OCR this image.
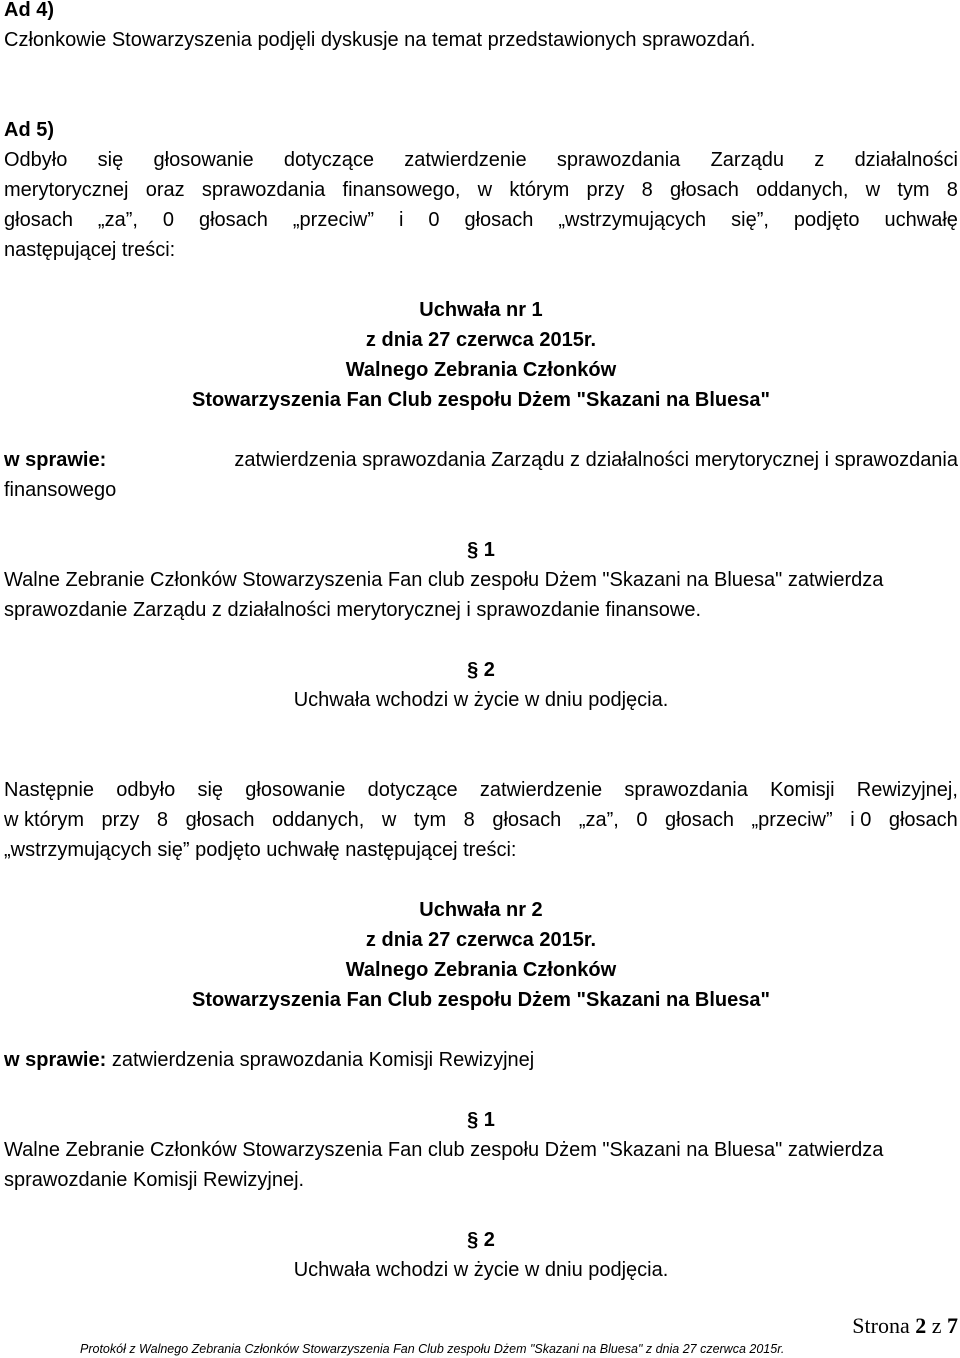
Ad 4)
Członkowie Stowarzyszenia podjęli dyskusje na temat przedstawionych sprawozdań.
Ad 5)
Odbyło się głosowanie dotyczące zatwierdzenie sprawozdania Zarządu z działalności
merytorycznej oraz sprawozdania finansowego, w którym przy 8 głosach oddanych, w tym 8
głosach „za”, 0 głosach „przeciw” i 0 głosach „wstrzymujących się”, podjęto uchwałę
następującej treści:
Uchwała nr 1
z dnia 27 czerwca 2015r.
Walnego Zebrania Członków
Stowarzyszenia Fan Club zespołu Dżem "Skazani na Bluesa"
w sprawie:	zatwierdzenia sprawozdania Zarządu z działalności merytorycznej i sprawozdania
finansowego
§ 1
Walne Zebranie Członków Stowarzyszenia Fan club zespołu Dżem "Skazani na Bluesa" zatwierdza
sprawozdanie Zarządu z działalności merytorycznej i sprawozdanie finansowe.
§ 2
Uchwała wchodzi w życie w dniu podjęcia.
Następnie odbyło się głosowanie dotyczące zatwierdzenie sprawozdania Komisji Rewizyjnej,
w którym przy 8 głosach oddanych, w tym 8 głosach „za”, 0 głosach „przeciw” i 0 głosach
„wstrzymujących się” podjęto uchwałę następującej treści:
Uchwała nr 2
z dnia 27 czerwca 2015r.
Walnego Zebrania Członków
Stowarzyszenia Fan Club zespołu Dżem "Skazani na Bluesa"
w sprawie: zatwierdzenia sprawozdania Komisji Rewizyjnej
§ 1
Walne Zebranie Członków Stowarzyszenia Fan club zespołu Dżem "Skazani na Bluesa" zatwierdza
sprawozdanie Komisji Rewizyjnej.
§ 2
Uchwała wchodzi w życie w dniu podjęcia.
Strona 2 z 7
Protokół z Walnego Zebrania Członków Stowarzyszenia Fan Club zespołu Dżem "Skazani na Bluesa" z dnia 27 czerwca 2015r.
